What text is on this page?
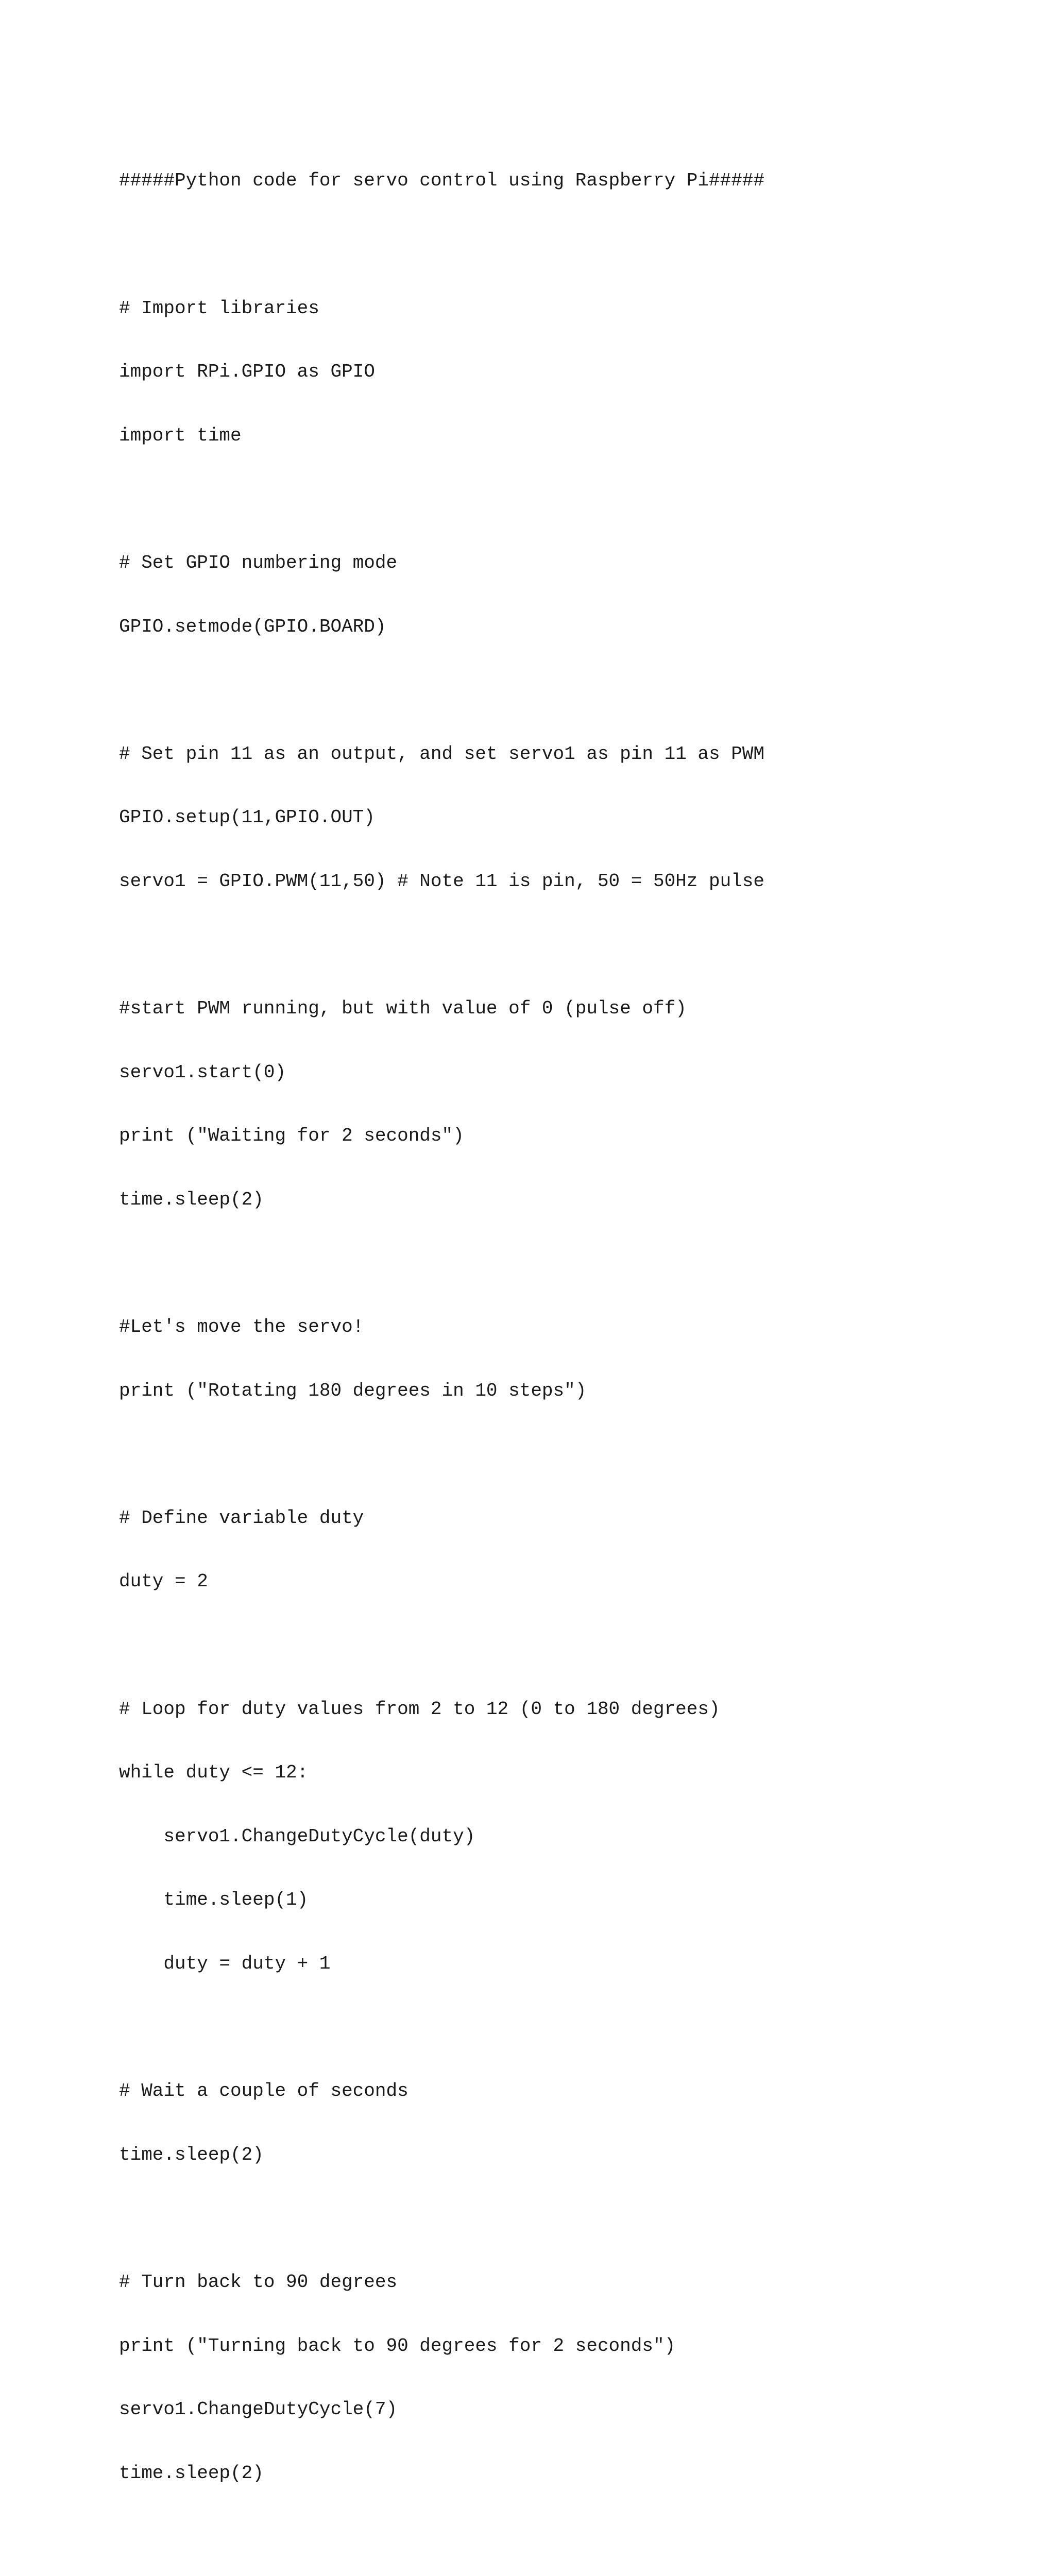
#####Python code for servo control using Raspberry Pi#####

# Import libraries

import RPi.GPIO as GPIO

import time

# Set GPIO numbering mode

GPIO.setmode(GPIO.BOARD)

# Set pin 11 as an output, and set servo1 as pin 11 as PWM

GPIO.setup(11,GPIO.OUT)

servo1 = GPIO.PWM(11,50) # Note 11 is pin, 50 = 50Hz pulse

#start PWM running, but with value of 0 (pulse off)

servo1.start(0)

print ("Waiting for 2 seconds")

time.sleep(2)

#Let's move the servo!

print ("Rotating 180 degrees in 10 steps")

# Define variable duty

duty = 2

# Loop for duty values from 2 to 12 (0 to 180 degrees)

while duty <= 12:

servo1.ChangeDutyCycle(duty)

time.sleep(1)

duty = duty + 1

# Wait a couple of seconds

time.sleep(2)

# Turn back to 90 degrees

print ("Turning back to 90 degrees for 2 seconds")

servo1.ChangeDutyCycle(7)

time.sleep(2)
